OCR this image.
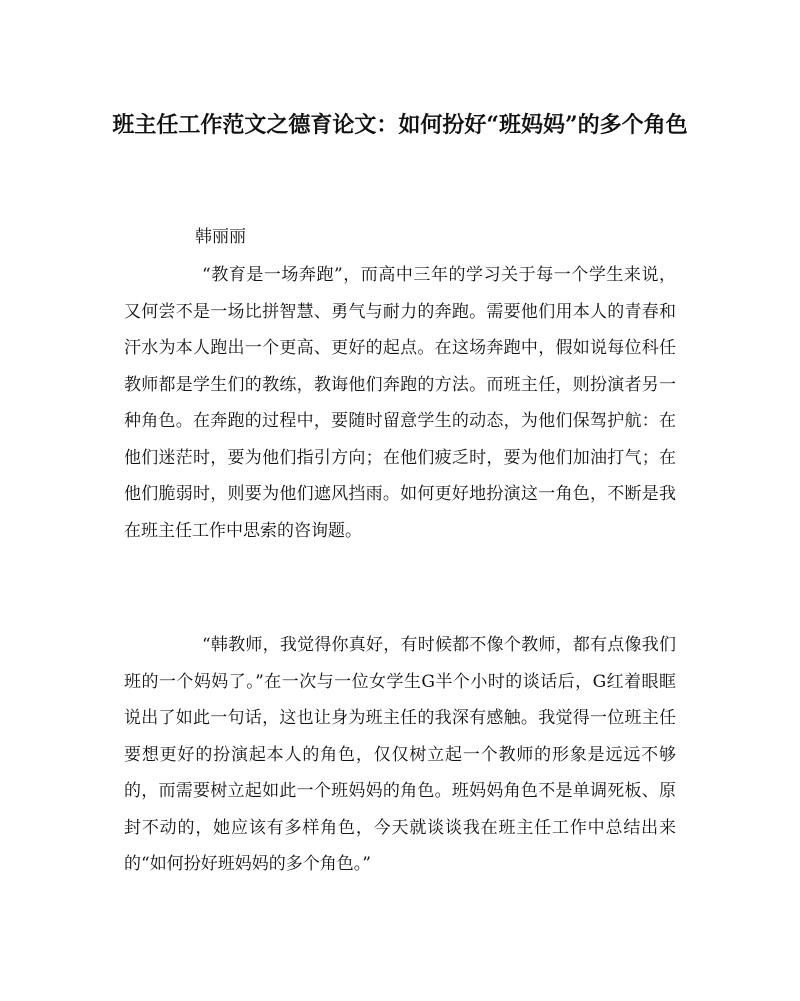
班主任工作范文之德育论文：如何扮好“班妈妈”的多个角色

韩丽丽

“教育是一场奔跑”，而高中三年的学习关于每一个学生来说，又何尝不是一场比拼智慧、勇气与耐力的奔跑。需要他们用本人的青春和汗水为本人跑出一个更高、更好的起点。在这场奔跑中，假如说每位科任教师都是学生们的教练，教诲他们奔跑的方法。而班主任，则扮演者另一种角色。在奔跑的过程中，要随时留意学生的动态，为他们保驾护航：在他们迷茫时，要为他们指引方向；在他们疲乏时，要为他们加油打气；在他们脆弱时，则要为他们遮风挡雨。如何更好地扮演这一角色，不断是我在班主任工作中思索的咨询题。

“韩教师，我觉得你真好，有时候都不像个教师，都有点像我们班的一个妈妈了。”在一次与一位女学生G半个小时的谈话后，G红着眼眶说出了如此一句话，这也让身为班主任的我深有感触。我觉得一位班主任要想更好的扮演起本人的角色，仅仅树立起一个教师的形象是远远不够的，而需要树立起如此一个班妈妈的角色。班妈妈角色不是单调死板、原封不动的，她应该有多样角色，今天就谈谈我在班主任工作中总结出来的“如何扮好班妈妈的多个角色。”
